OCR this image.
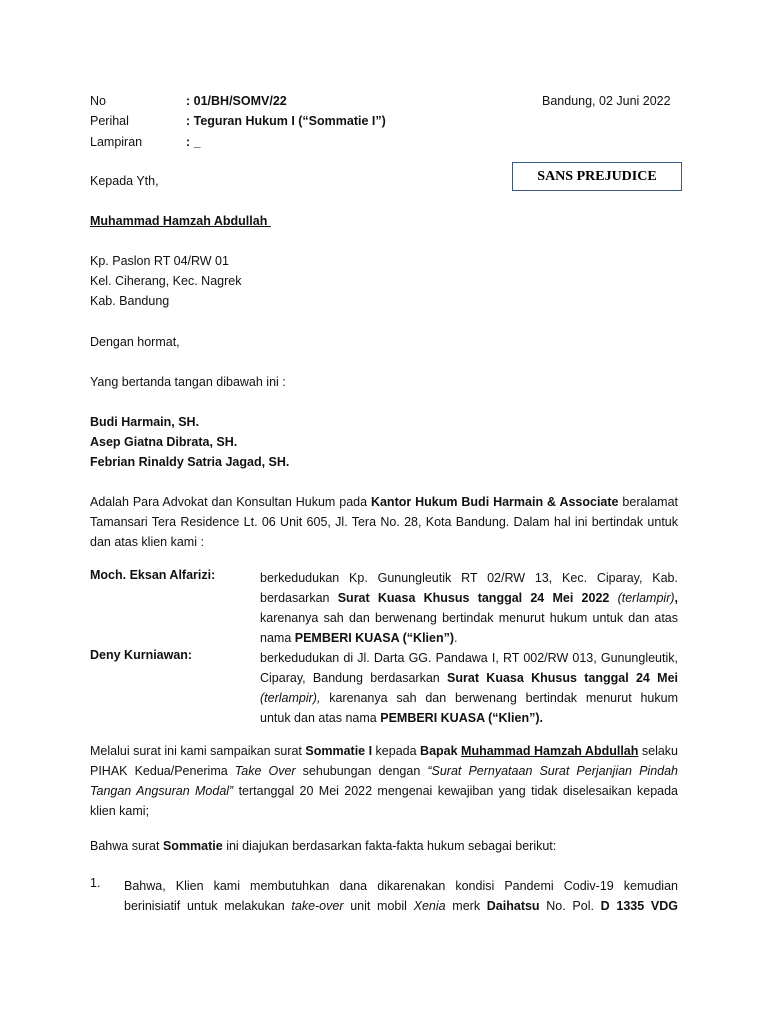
No	: 01/BH/SOMV/22	Bandung, 02 Juni 2022
Perihal	: Teguran Hukum I (“Sommatie I”)
Lampiran	: _
Kepada Yth,	SANS PREJUDICE
Muhammad Hamzah Abdullah
Kp. Paslon RT 04/RW 01
Kel. Ciherang, Kec. Nagrek
Kab. Bandung
Dengan hormat,
Yang bertanda tangan dibawah ini :
Budi Harmain, SH.
Asep Giatna Dibrata, SH.
Febrian Rinaldy Satria Jagad, SH.
Adalah Para Advokat dan Konsultan Hukum pada Kantor Hukum Budi Harmain & Associate beralamat
Tamansari Tera Residence Lt. 06 Unit 605, Jl. Tera No. 28, Kota Bandung. Dalam hal ini bertindak untuk
dan atas klien kami :
Moch. Eksan Alfarizi:	berkedudukan Kp. Gunungleutik RT 02/RW 13, Kec. Ciparay, Kab.
berdasarkan Surat Kuasa Khusus tanggal 24 Mei 2022 (terlampir),
karenanya sah dan berwenang bertindak menurut hukum untuk dan atas
nama PEMBERI KUASA (“Klien”).
Deny Kurniawan:	berkedudukan di Jl. Darta GG. Pandawa I, RT 002/RW 013, Gunungleutik,
Ciparay, Bandung berdasarkan Surat Kuasa Khusus tanggal 24 Mei
(terlampir), karenanya sah dan berwenang bertindak menurut hukum
untuk dan atas nama PEMBERI KUASA (“Klien”).
Melalui surat ini kami sampaikan surat Sommatie I kepada Bapak Muhammad Hamzah Abdullah selaku
PIHAK Kedua/Penerima Take Over sehubungan dengan “Surat Pernyataan Surat Perjanjian Pindah
Tangan Angsuran Modal” tertanggal 20 Mei 2022 mengenai kewajiban yang tidak diselesaikan kepada
klien kami;
Bahwa surat Sommatie ini diajukan berdasarkan fakta-fakta hukum sebagai berikut:
1. Bahwa, Klien kami membutuhkan dana dikarenakan kondisi Pandemi Codiv-19 kemudian
berinisiatif untuk melakukan take-over unit mobil Xenia merk Daihatsu No. Pol. D 1335 VDG
